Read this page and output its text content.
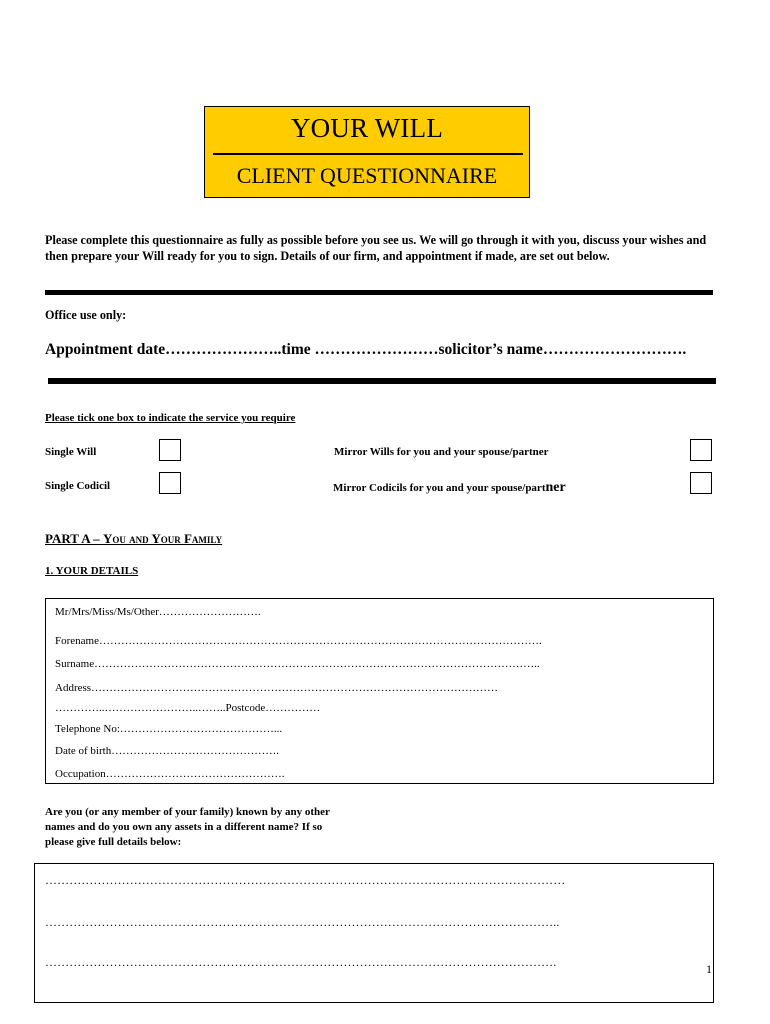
YOUR WILL
CLIENT QUESTIONNAIRE
Please complete this questionnaire as fully as possible before you see us. We will go through it with you, discuss your wishes and then prepare your Will ready for you to sign. Details of our firm, and appointment if made, are set out below.
Office use only:
Appointment date…………………..time ……………………solicitor’s name……………………….
Please tick one box to indicate the service you require
Single Will
Single Codicil
Mirror Wills for you and your spouse/partner
Mirror Codicils for you and your spouse/partner
PART A – You and Your Family
1. YOUR DETAILS
Mr/Mrs/Miss/Ms/Other……………………….
Forename………………………………………………………………………………………………………….
Surname…………………………………………………………………………………………………………..
Address…………………………………………………………………………………………………
…………..……………………..……..Postcode……………
Telephone No:……………………………………...
Date of birth……………………………………….
Occupation………………………………………….
Are you (or any member of your family) known by any other names and do you own any assets in a different name? If so please give full details below:
…………………………………………………………………………………………………………………
………………………………………………………………………………………………………………..
……………………………………………………………………………………………………………….	1
